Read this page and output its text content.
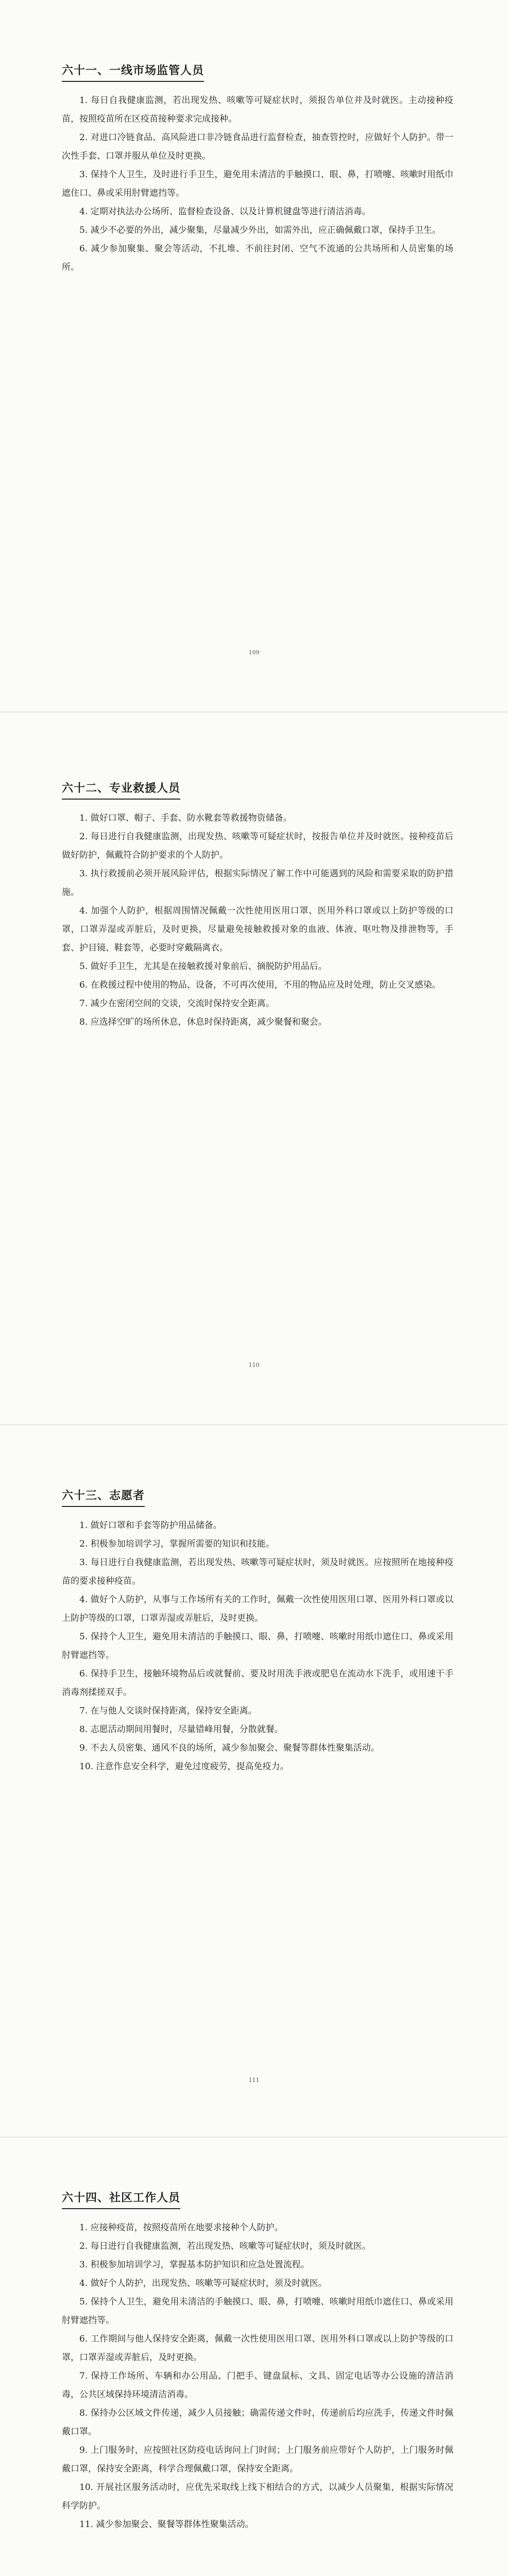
六十一、一线市场监管人员

1. 每日自我健康监测，若出现发热、咳嗽等可疑症状时，须报告单位并及时就医。主动接种疫苗，按照疫苗所在区疫苗接种要求完成接种。

2. 对进口冷链食品、高风险进口非冷链食品进行监督检查，抽查管控时，应做好个人防护。带一次性手套、口罩并服从单位及时更换。

3. 保持个人卫生，及时进行手卫生，避免用未清洁的手触摸口、眼、鼻，打喷嚏、咳嗽时用纸巾遮住口、鼻或采用肘臂遮挡等。

4. 定期对执法办公场所、监督检查设备、以及计算机键盘等进行清洁消毒。

5. 减少不必要的外出，减少聚集，尽量减少外出，如需外出，应正确佩戴口罩，保持手卫生。

6. 减少参加聚集、聚会等活动，不扎堆、不前往封闭、空气不流通的公共场所和人员密集的场所。

109
六十二、专业救援人员

1. 做好口罩、帽子、手套、防水靴套等救援物资储备。

2. 每日进行自我健康监测，出现发热、咳嗽等可疑症状时，按报告单位并及时就医。接种疫苗后做好防护，佩戴符合防护要求的个人防护。

3. 执行救援前必须开展风险评估，根据实际情况了解工作中可能遇到的风险和需要采取的防护措施。

4. 加强个人防护，根据周围情况佩戴一次性使用医用口罩、医用外科口罩或以上防护等级的口罩，口罩弄湿或弄脏后，及时更换，尽量避免接触救援对象的血液、体液、呕吐物及排泄物等，手套、护目镜、鞋套等，必要时穿戴隔离衣。

5. 做好手卫生，尤其是在接触救援对象前后、摘脱防护用品后。

6. 在救援过程中使用的物品、设备，不可再次使用，不用的物品应及时处理，防止交叉感染。

7. 减少在密闭空间的交谈，交流时保持安全距离。

8. 应选择空旷的场所休息，休息时保持距离，减少聚餐和聚会。

110
六十三、志愿者

1. 做好口罩和手套等防护用品储备。

2. 积极参加培训学习，掌握所需要的知识和技能。

3. 每日进行自我健康监测，若出现发热、咳嗽等可疑症状时，须及时就医。应按照所在地接种疫苗的要求接种疫苗。

4. 做好个人防护，从事与工作场所有关的工作时，佩戴一次性使用医用口罩、医用外科口罩或以上防护等级的口罩，口罩弄湿或弄脏后，及时更换。

5. 保持个人卫生，避免用未清洁的手触摸口、眼、鼻，打喷嚏、咳嗽时用纸巾遮住口、鼻或采用肘臂遮挡等。

6. 保持手卫生，接触环境物品后或就餐前、要及时用洗手液或肥皂在流动水下洗手，或用速干手消毒剂揉搓双手。

7. 在与他人交谈时保持距离，保持安全距离。

8. 志愿活动期间用餐时，尽量错峰用餐，分散就餐。

9. 不去人员密集、通风不良的场所，减少参加聚会、聚餐等群体性聚集活动。

10. 注意作息安全科学，避免过度疲劳，提高免疫力。

111
六十四、社区工作人员

1. 应接种疫苗，按照疫苗所在地要求接种个人防护。

2. 每日进行自我健康监测，若出现发热、咳嗽等可疑症状时，须及时就医。

3. 积极参加培训学习，掌握基本防护知识和应急处置流程。

4. 做好个人防护，出现发热、咳嗽等可疑症状时，须及时就医。

5. 保持个人卫生，避免用未清洁的手触摸口、眼、鼻，打喷嚏、咳嗽时用纸巾遮住口、鼻或采用肘臂遮挡等。

6. 工作期间与他人保持安全距离，佩戴一次性使用医用口罩、医用外科口罩或以上防护等级的口罩，口罩弄湿或弄脏后，及时更换。

7. 保持工作场所、车辆和办公用品、门把手、键盘鼠标、文具、固定电话等办公设施的清洁消毒，公共区域保持环境清洁消毒。

8. 保持办公区域文件传递，减少人员接触；确需传递文件时，传递前后均应洗手，传递文件时佩戴口罩。

9. 上门服务时，应按照社区防疫电话询问上门时间；上门服务前应带好个人防护，上门服务时佩戴口罩，保持安全距离，科学合理佩戴口罩，保持安全距离。

10. 开展社区服务活动时，应优先采取线上线下相结合的方式，以减少人员聚集，根据实际情况科学防护。

11. 减少参加聚会、聚餐等群体性聚集活动。
